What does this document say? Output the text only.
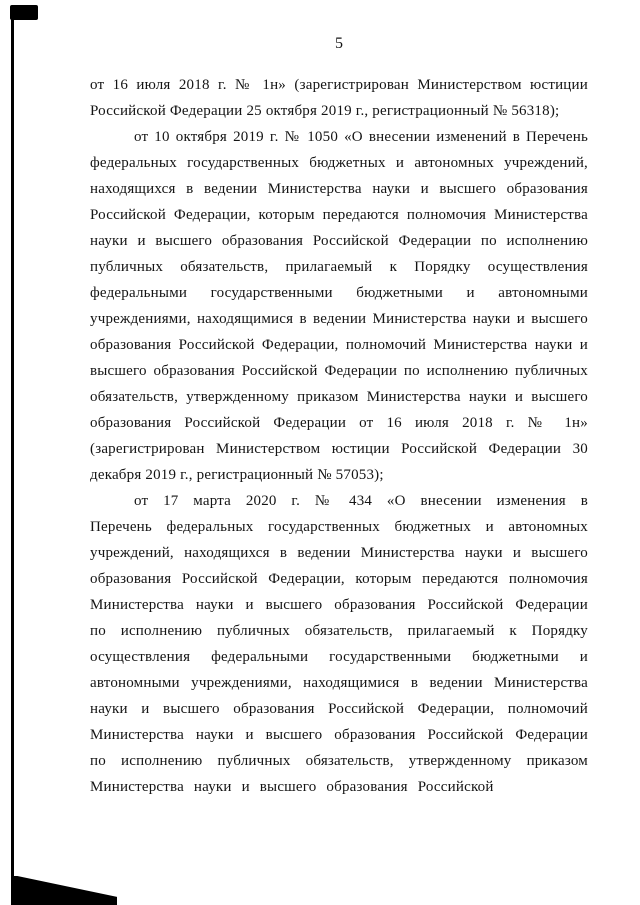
5

от 16 июля 2018 г. № 1н» (зарегистрирован Министерством юстиции Российской Федерации 25 октября 2019 г., регистрационный № 56318);

от 10 октября 2019 г. № 1050 «О внесении изменений в Перечень федеральных государственных бюджетных и автономных учреждений, находящихся в ведении Министерства науки и высшего образования Российской Федерации, которым передаются полномочия Министерства науки и высшего образования Российской Федерации по исполнению публичных обязательств, прилагаемый к Порядку осуществления федеральными государственными бюджетными и автономными учреждениями, находящимися в ведении Министерства науки и высшего образования Российской Федерации, полномочий Министерства науки и высшего образования Российской Федерации по исполнению публичных обязательств, утвержденному приказом Министерства науки и высшего образования Российской Федерации от 16 июля 2018 г. № 1н» (зарегистрирован Министерством юстиции Российской Федерации 30 декабря 2019 г., регистрационный № 57053);

от 17 марта 2020 г. № 434 «О внесении изменения в Перечень федеральных государственных бюджетных и автономных учреждений, находящихся в ведении Министерства науки и высшего образования Российской Федерации, которым передаются полномочия Министерства науки и высшего образования Российской Федерации по исполнению публичных обязательств, прилагаемый к Порядку осуществления федеральными государственными бюджетными и автономными учреждениями, находящимися в ведении Министерства науки и высшего образования Российской Федерации, полномочий Министерства науки и высшего образования Российской Федерации по исполнению публичных обязательств, утвержденному приказом Министерства науки и высшего образования Российской
